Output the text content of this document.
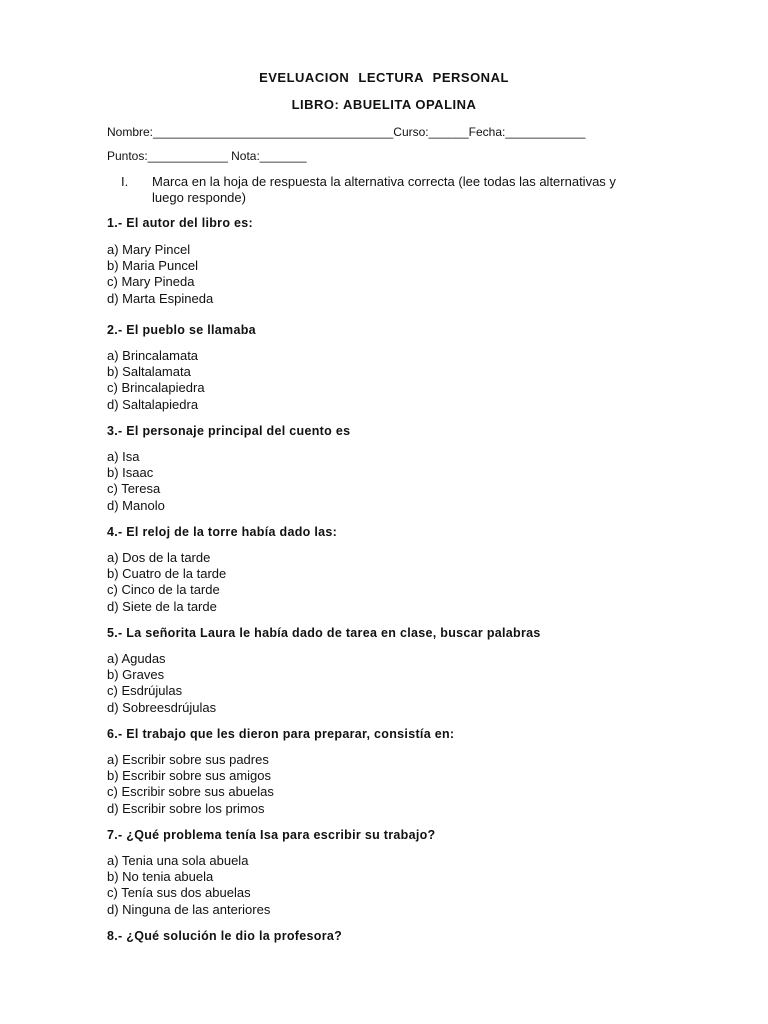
EVELUACION LECTURA PERSONAL
LIBRO: ABUELITA OPALINA
Nombre:____________________________________Curso:______Fecha:____________
Puntos:____________ Nota:_______
I. Marca en la hoja de respuesta la alternativa correcta (lee todas las alternativas y luego responde)
1.- El autor del libro es:
a) Mary Pincel
b) Maria Puncel
c) Mary Pineda
d) Marta Espineda
2.- El pueblo se llamaba
a) Brincalamata
b) Saltalamata
c) Brincalapiedra
d) Saltalapiedra
3.- El personaje principal del cuento es
a) Isa
b) Isaac
c) Teresa
d) Manolo
4.- El reloj de la torre había dado las:
a) Dos de la tarde
b) Cuatro de la tarde
c) Cinco de la tarde
d) Siete de la tarde
5.- La señorita Laura le había dado de tarea en clase, buscar palabras
a) Agudas
b) Graves
c) Esdrújulas
d) Sobreesdrújulas
6.- El trabajo que les dieron para preparar, consistía en:
a) Escribir sobre sus padres
b) Escribir sobre sus amigos
c) Escribir sobre sus abuelas
d) Escribir sobre los primos
7.- ¿Qué problema tenía Isa para escribir su trabajo?
a) Tenia una sola abuela
b) No tenia abuela
c) Tenía sus dos abuelas
d) Ninguna de las anteriores
8.- ¿Qué solución le dio la profesora?
